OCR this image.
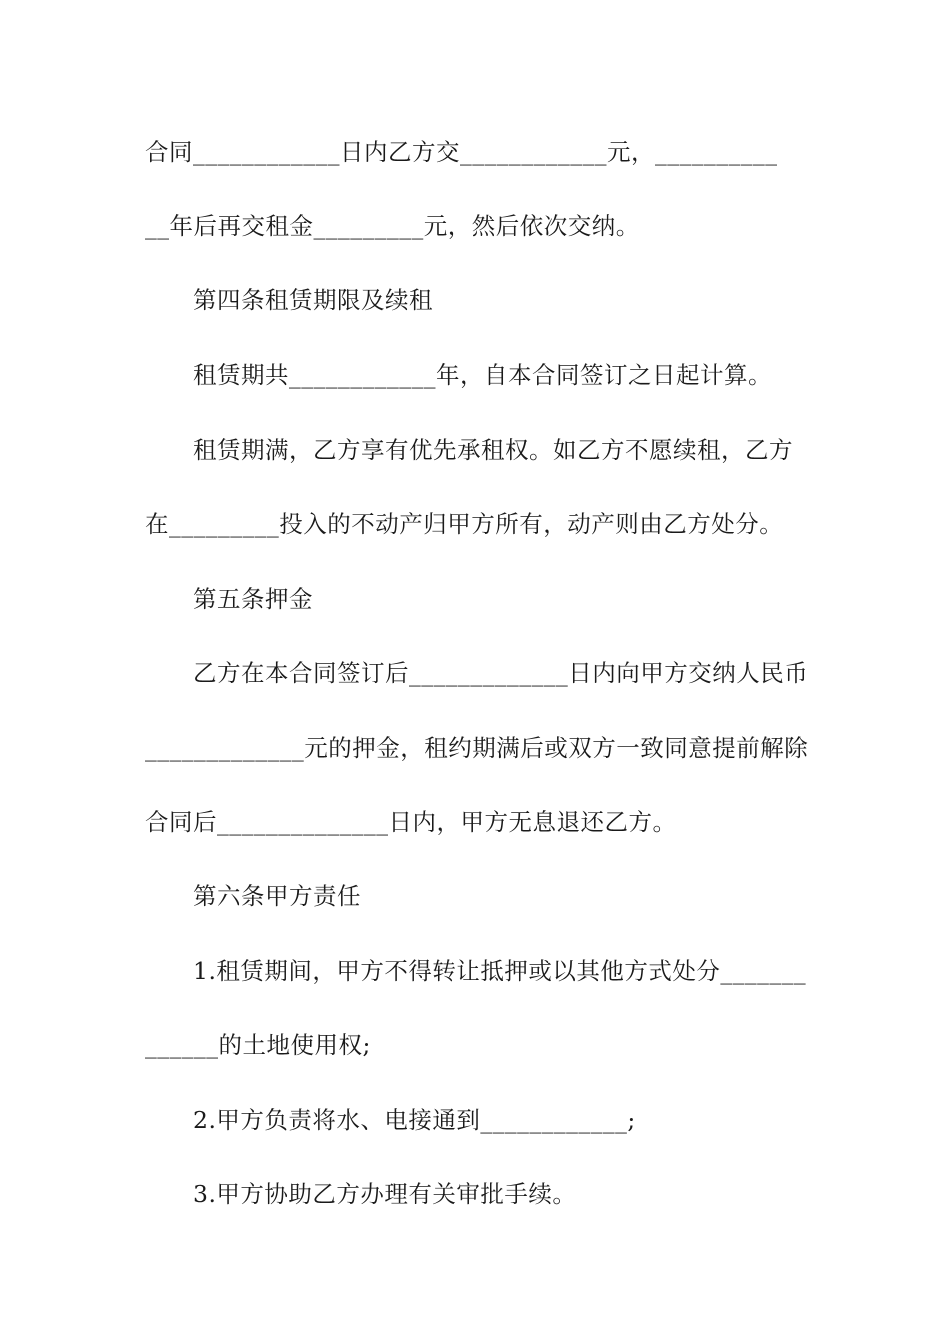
合同____________日内乙方交____________元，__________
__年后再交租金_________元，然后依次交纳。
第四条租赁期限及续租
租赁期共____________年，自本合同签订之日起计算。
租赁期满，乙方享有优先承租权。如乙方不愿续租，乙方
在_________投入的不动产归甲方所有，动产则由乙方处分。
第五条押金
乙方在本合同签订后_____________日内向甲方交纳人民币
_____________元的押金，租约期满后或双方一致同意提前解除
合同后______________日内，甲方无息退还乙方。
第六条甲方责任
1.租赁期间，甲方不得转让抵押或以其他方式处分_______
______的土地使用权;
2.甲方负责将水、电接通到____________;
3.甲方协助乙方办理有关审批手续。
